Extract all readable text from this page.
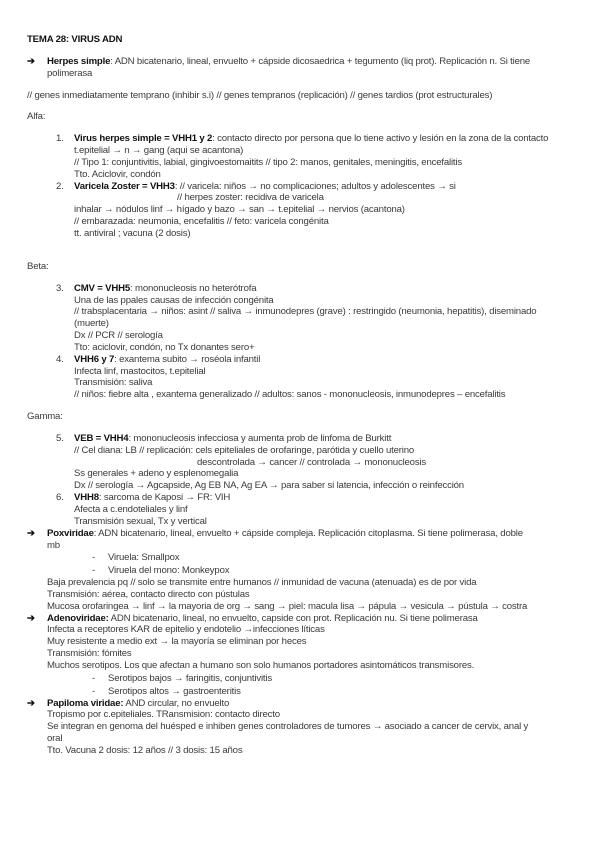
TEMA 28: VIRUS ADN
➔ Herpes simple: ADN bicatenario, lineal, envuelto + cápside dicosaedrica + tegumento (liq prot). Replicación n. Si tiene
polimerasa
// genes inmediatamente temprano (inhibir s.i) // genes tempranos (replicación) // genes tardios (prot estructurales)
Alfa:
1. Virus herpes simple = VHH1 y 2: contacto directo por persona que lo tiene activo y lesión en la zona de la contacto
t.epitelial → n → gang (aqui se acantona)
// Tipo 1: conjuntivitis, labial, gingivoestomaitits // tipo 2: manos, genitales, meningitis, encefalitis
Tto. Aciclovir, condón
2. Varicela Zoster = VHH3: // varicela: niños → no complicaciones; adultos y adolescentes → si
// herpes zoster: recidiva de varicela
inhalar → nódulos linf → hígado y bazo → san → t.epitelial → nervios (acantona)
// embarazada: neumonia, encefalitis // feto: varicela congénita
tt. antiviral ; vacuna (2 dosis)
Beta:
3. CMV = VHH5: mononucleosis no heterótrofa
Una de las ppales causas de infección congénita
// trabsplacentaria → niños: asint // saliva → inmunodepres (grave) : restringido (neumonia, hepatitis), diseminado
(muerte)
Dx // PCR // serología
Tto: aciclovir, condón, no Tx donantes sero+
4. VHH6 y 7: exantema subito → roséola infantil
Infecta linf, mastocitos, t.epitelial
Transmisión: saliva
// niños: fiebre alta , exantema generalizado // adultos: sanos - mononucleosis, inmunodepres – encefalitis
Gamma:
5. VEB = VHH4: mononucleosis infecciosa y aumenta prob de linfoma de Burkitt
// Cel diana: LB // replicación: cels epiteliales de orofaringe, parótida y cuello uterino
descontrolada → cancer // controlada → mononucleosis
Ss generales + adeno y esplenomegalia
Dx // serología → Agcapside, Ag EB NA, Ag EA → para saber si latencia, infección o reinfección
6. VHH8: sarcoma de Kaposi → FR: VIH
Afecta a c.endoteliales y linf
Transmisión sexual, Tx y vertical
➔ Poxviridae: ADN bicatenario, lineal, envuelto + cápside compleja. Replicación citoplasma. Si tiene polimerasa, doble
mb
- Viruela: Smallpox
- Viruela del mono: Monkeypox
Baja prevalencia pq // solo se transmite entre humanos // inmunidad de vacuna (atenuada) es de por vida
Transmisión: aérea, contacto directo con pústulas
Mucosa orofaringea → linf → la mayoria de org → sang → piel: macula lisa → pápula → vesicula → pústula → costra
➔ Adenoviridae: ADN bicatenario, lineal, no envuelto, capside con prot. Replicación nu. Si tiene polimerasa
Infecta a receptores KAR de epitelio y endotelio →infecciones líticas
Muy resistente a medio ext → la mayoría se eliminan por heces
Transmisión: fómites
Muchos serotipos. Los que afectan a humano son solo humanos portadores asintomáticos transmisores.
- Serotipos bajos → faringitis, conjuntivitis
- Serotipos altos → gastroenteritis
➔ Papiloma viridae: AND circular, no envuelto
Tropismo por c.epiteliales. TRansmision: contacto directo
Se integran en genoma del huésped e inhiben genes controladores de tumores → asociado a cancer de cervix, anal y
oral
Tto. Vacuna 2 dosis: 12 años // 3 dosis: 15 años
